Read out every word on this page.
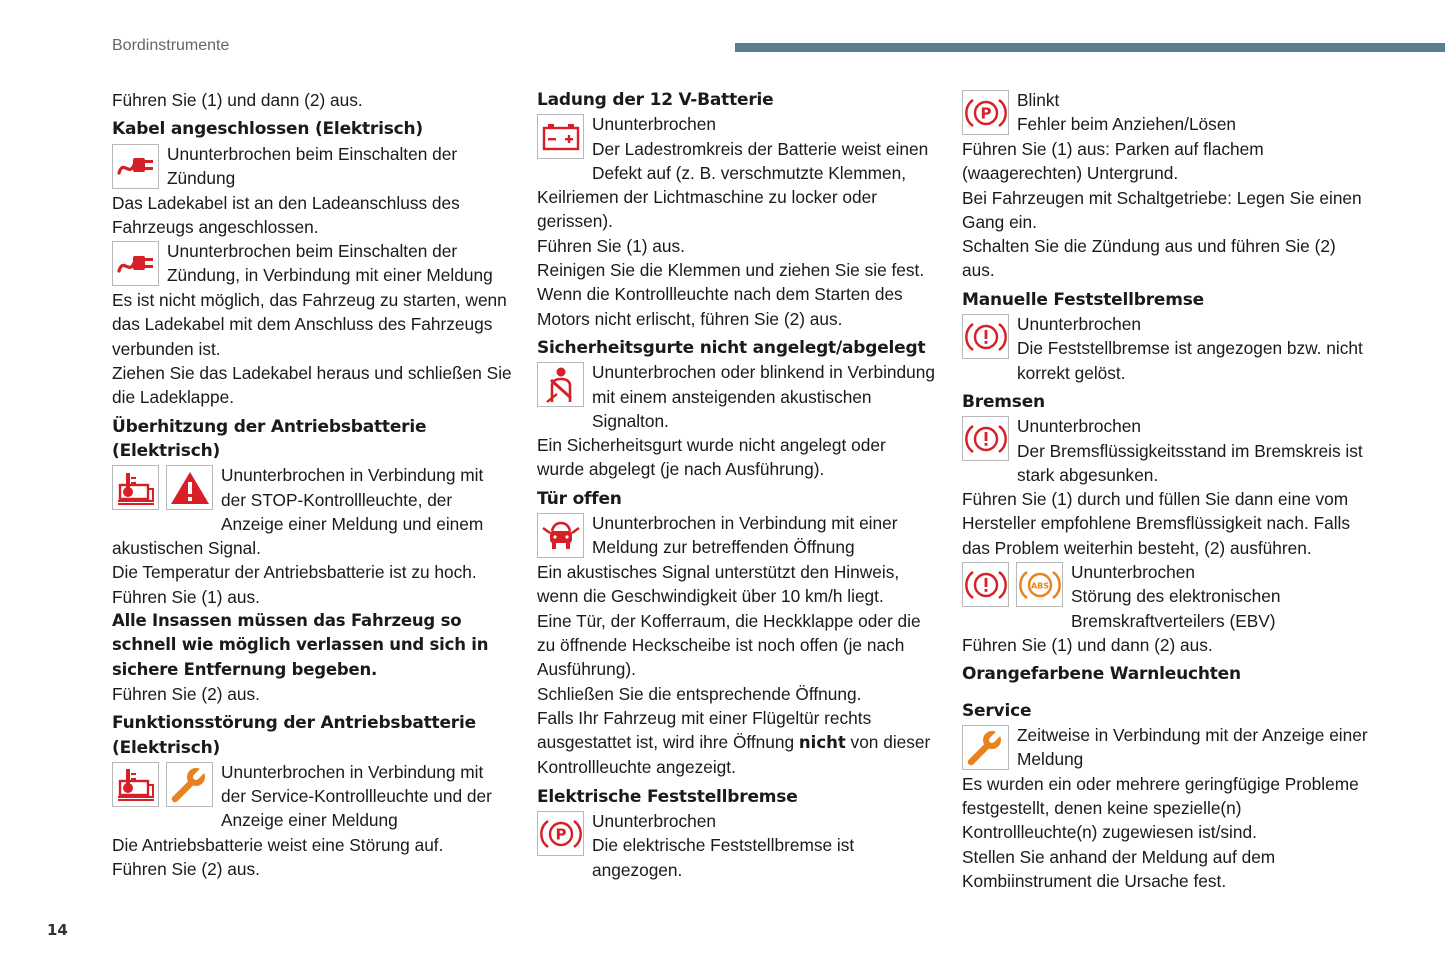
Bordinstrumente

Führen Sie (1) und dann (2) aus.

Kabel angeschlossen (Elektrisch)

Ununterbrochen beim Einschalten der Zündung

Das Ladekabel ist an den Ladeanschluss des Fahrzeugs angeschlossen.

Ununterbrochen beim Einschalten der Zündung, in Verbindung mit einer Meldung

Es ist nicht möglich, das Fahrzeug zu starten, wenn das Ladekabel mit dem Anschluss des Fahrzeugs verbunden ist.

Ziehen Sie das Ladekabel heraus und schließen Sie die Ladeklappe.

Überhitzung der Antriebsbatterie (Elektrisch)

Ununterbrochen in Verbindung mit der STOP-Kontrollleuchte, der Anzeige einer Meldung und einem akustischen Signal.

Die Temperatur der Antriebsbatterie ist zu hoch.

Führen Sie (1) aus.

Alle Insassen müssen das Fahrzeug so schnell wie möglich verlassen und sich in sichere Entfernung begeben.

Führen Sie (2) aus.

Funktionsstörung der Antriebsbatterie (Elektrisch)

Ununterbrochen in Verbindung mit der Service-Kontrollleuchte und der Anzeige einer Meldung

Die Antriebsbatterie weist eine Störung auf.

Führen Sie (2) aus.

Ladung der 12 V-Batterie

Ununterbrochen

Der Ladestromkreis der Batterie weist einen Defekt auf (z. B. verschmutzte Klemmen, Keilriemen der Lichtmaschine zu locker oder gerissen).

Führen Sie (1) aus.

Reinigen Sie die Klemmen und ziehen Sie sie fest.

Wenn die Kontrollleuchte nach dem Starten des Motors nicht erlischt, führen Sie (2) aus.

Sicherheitsgurte nicht angelegt/abgelegt

Ununterbrochen oder blinkend in Verbindung mit einem ansteigenden akustischen Signalton.

Ein Sicherheitsgurt wurde nicht angelegt oder wurde abgelegt (je nach Ausführung).

Tür offen

Ununterbrochen in Verbindung mit einer Meldung zur betreffenden Öffnung

Ein akustisches Signal unterstützt den Hinweis, wenn die Geschwindigkeit über 10 km/h liegt.

Eine Tür, der Kofferraum, die Heckklappe oder die zu öffnende Heckscheibe ist noch offen (je nach Ausführung).

Schließen Sie die entsprechende Öffnung.

Falls Ihr Fahrzeug mit einer Flügeltür rechts ausgestattet ist, wird ihre Öffnung nicht von dieser Kontrollleuchte angezeigt.

Elektrische Feststellbremse

P

Ununterbrochen

Die elektrische Feststellbremse ist angezogen.

P

Blinkt

Fehler beim Anziehen/Lösen

Führen Sie (1) aus: Parken auf flachem (waagerechten) Untergrund.

Bei Fahrzeugen mit Schaltgetriebe: Legen Sie einen Gang ein.

Schalten Sie die Zündung aus und führen Sie (2) aus.

Manuelle Feststellbremse

Ununterbrochen

Die Feststellbremse ist angezogen bzw. nicht korrekt gelöst.

Bremsen

Ununterbrochen

Der Bremsflüssigkeitsstand im Bremskreis ist stark abgesunken.

Führen Sie (1) durch und füllen Sie dann eine vom Hersteller empfohlene Bremsflüssigkeit nach. Falls das Problem weiterhin besteht, (2) ausführen.

ABS

Ununterbrochen

Störung des elektronischen Bremskraftverteilers (EBV)

Führen Sie (1) und dann (2) aus.

Orangefarbene Warnleuchten

Service

Zeitweise in Verbindung mit der Anzeige einer Meldung

Es wurden ein oder mehrere geringfügige Probleme festgestellt, denen keine spezielle(n) Kontrollleuchte(n) zugewiesen ist/sind.

Stellen Sie anhand der Meldung auf dem Kombiinstrument die Ursache fest.

14
